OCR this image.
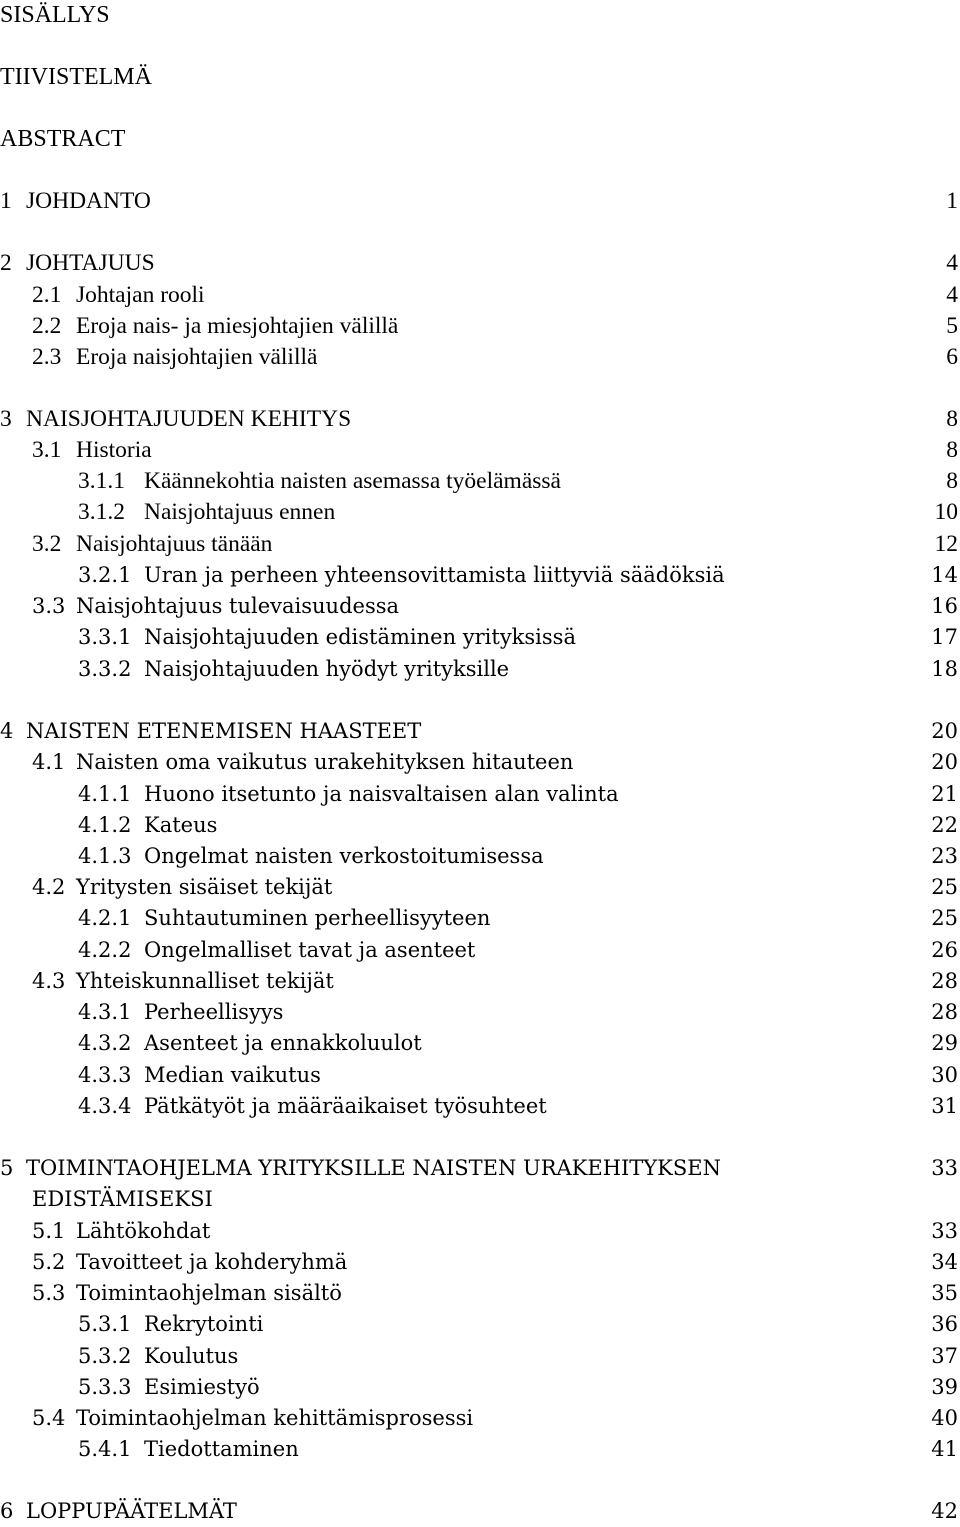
SISÄLLYS
TIIVISTELMÄ
ABSTRACT
1 JOHDANTO	1
2 JOHTAJUUS	4
2.1 Johtajan rooli	4
2.2 Eroja nais- ja miesjohtajien välillä	5
2.3 Eroja naisjohtajien välillä	6
3 NAISJOHTAJUUDEN KEHITYS	8
3.1 Historia	8
3.1.1 Käännekohtia naisten asemassa työelämässä	8
3.1.2 Naisjohtajuus ennen	10
3.2 Naisjohtajuus tänään	12
3.2.1 Uran ja perheen yhteensovittamista liittyviä säädöksiä	14
3.3 Naisjohtajuus tulevaisuudessa	16
3.3.1 Naisjohtajuuden edistäminen yrityksissä	17
3.3.2 Naisjohtajuuden hyödyt yrityksille	18
4 NAISTEN ETENEMISEN HAASTEET	20
4.1 Naisten oma vaikutus urakehityksen hitauteen	20
4.1.1 Huono itsetunto ja naisvaltaisen alan valinta	21
4.1.2 Kateus	22
4.1.3 Ongelmat naisten verkostoitumisessa	23
4.2 Yritysten sisäiset tekijät	25
4.2.1 Suhtautuminen perheellisyyteen	25
4.2.2 Ongelmalliset tavat ja asenteet	26
4.3 Yhteiskunnalliset tekijät	28
4.3.1 Perheellisyys	28
4.3.2 Asenteet ja ennakkoluulot	29
4.3.3 Median vaikutus	30
4.3.4 Pätkätyöt ja määräaikaiset työsuhteet	31
5 TOIMINTAOHJELMA YRITYKSILLE NAISTEN URAKEHITYKSEN	33
EDISTÄMISEKSI
5.1 Lähtökohdat	33
5.2 Tavoitteet ja kohderyhmä	34
5.3 Toimintaohjelman sisältö	35
5.3.1 Rekrytointi	36
5.3.2 Koulutus	37
5.3.3 Esimiestyö	39
5.4 Toimintaohjelman kehittämisprosessi	40
5.4.1 Tiedottaminen	41
6 LOPPUPÄÄTELMÄT	42
